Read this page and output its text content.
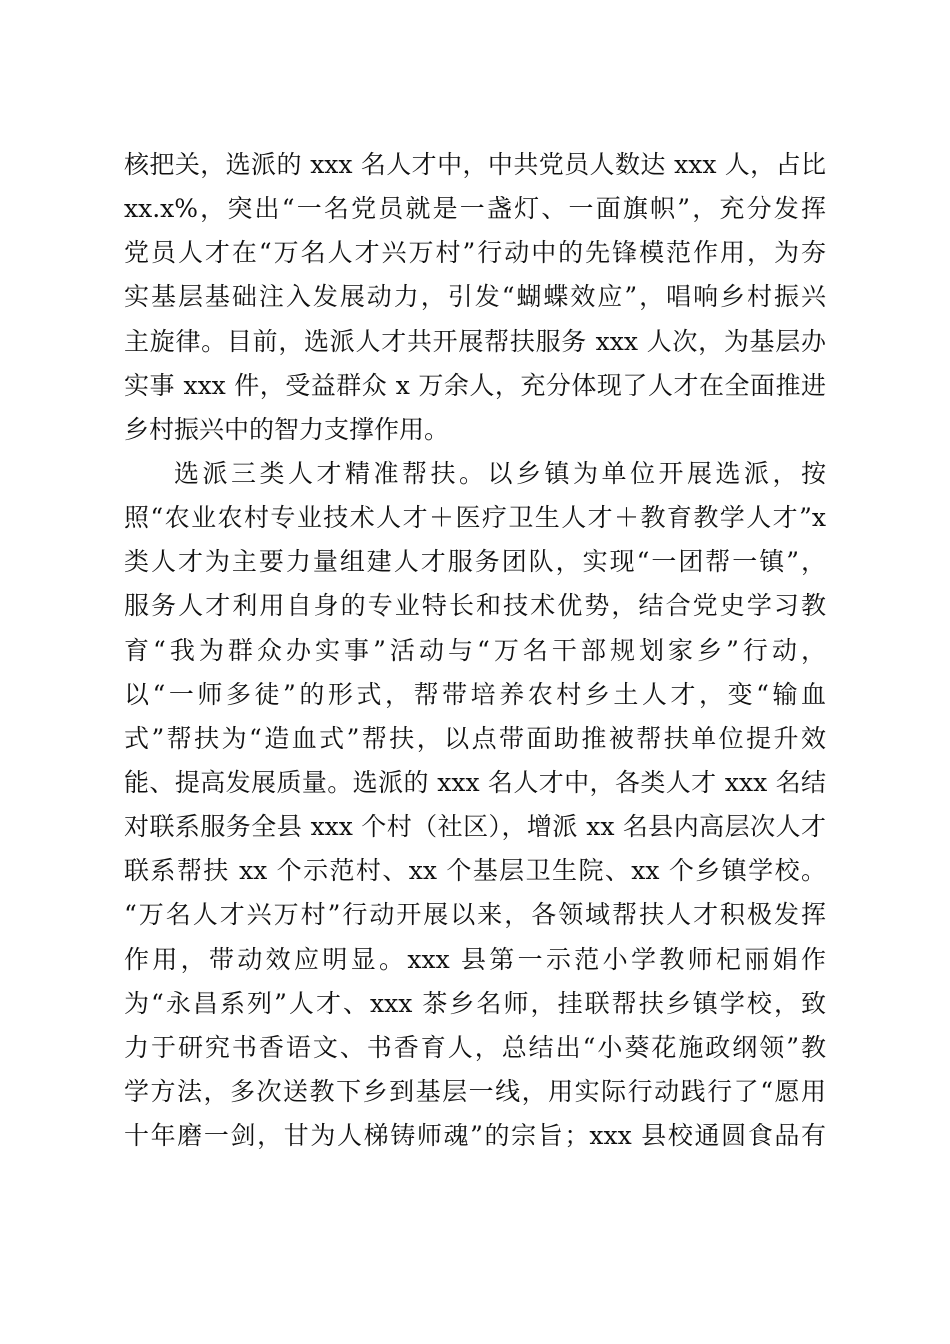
核把关，选派的 xxx 名人才中，中共党员人数达 xxx 人，占比
xx.x%，突出“一名党员就是一盏灯、一面旗帜”，充分发挥
党员人才在“万名人才兴万村”行动中的先锋模范作用，为夯
实基层基础注入发展动力，引发“蝴蝶效应”，唱响乡村振兴
主旋律。目前，选派人才共开展帮扶服务 xxx 人次，为基层办
实事 xxx 件，受益群众 x 万余人，充分体现了人才在全面推进
乡村振兴中的智力支撑作用。
选派三类人才精准帮扶。以乡镇为单位开展选派，按
照“农业农村专业技术人才＋医疗卫生人才＋教育教学人才”x
类人才为主要力量组建人才服务团队，实现“一团帮一镇”，
服务人才利用自身的专业特长和技术优势，结合党史学习教
育“我为群众办实事”活动与“万名干部规划家乡”行动，
以“一师多徒”的形式，帮带培养农村乡土人才，变“输血
式”帮扶为“造血式”帮扶，以点带面助推被帮扶单位提升效
能、提高发展质量。选派的 xxx 名人才中，各类人才 xxx 名结
对联系服务全县 xxx 个村（社区），增派 xx 名县内高层次人才
联系帮扶 xx 个示范村、xx 个基层卫生院、xx 个乡镇学校。
“万名人才兴万村”行动开展以来，各领域帮扶人才积极发挥
作用，带动效应明显。xxx 县第一示范小学教师杞丽娟作
为“永昌系列”人才、xxx 茶乡名师，挂联帮扶乡镇学校，致
力于研究书香语文、书香育人，总结出“小葵花施政纲领”教
学方法，多次送教下乡到基层一线，用实际行动践行了“愿用
十年磨一剑，甘为人梯铸师魂”的宗旨；xxx 县校通圆食品有
